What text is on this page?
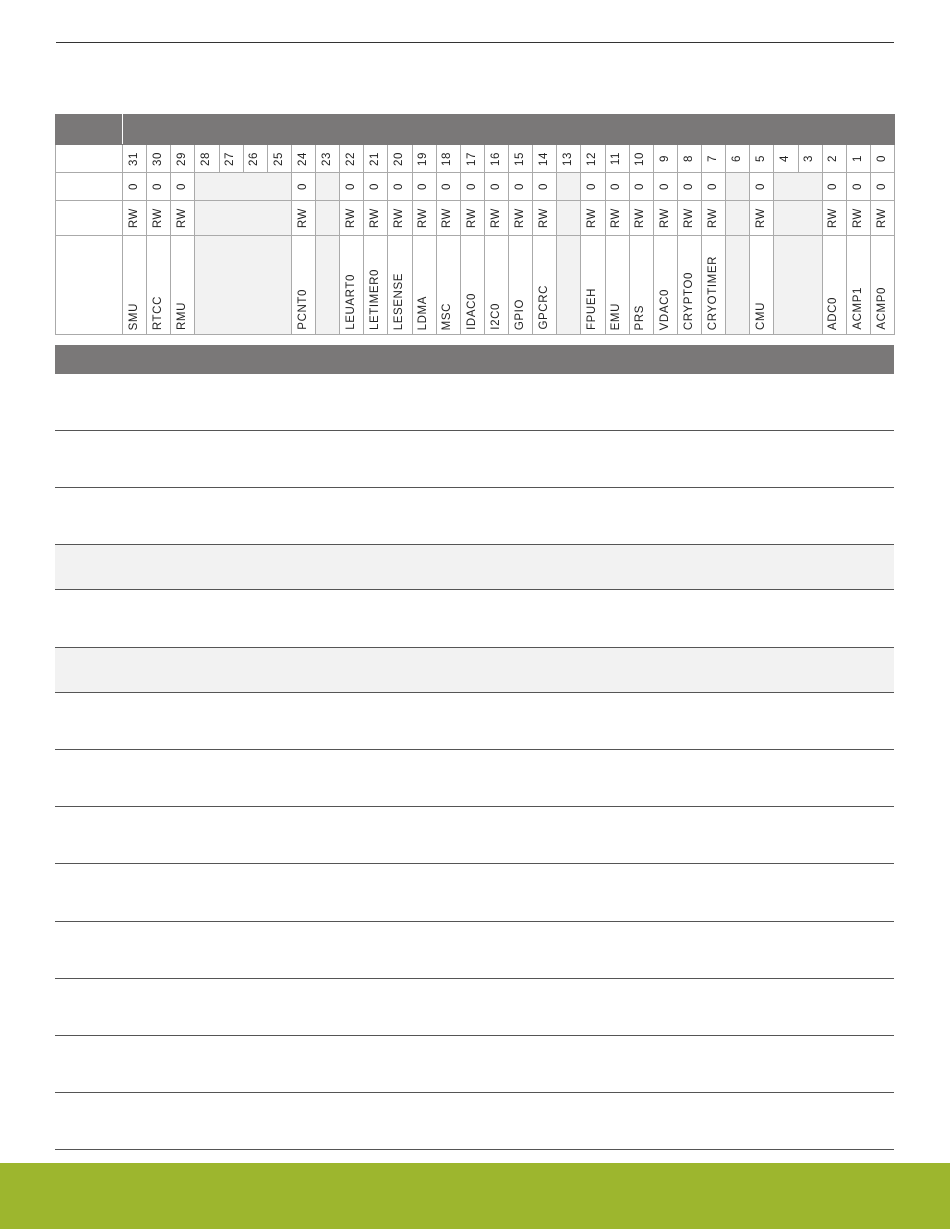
	31	30	29	28	27	26	25	24	23	22	21	20	19	18	17	16	15	14	13	12	11	10	9	8	7	6	5	4	3	2	1	0

	0	0	0					0		0	0	0	0	0	0	0	0	0		0	0	0	0	0	0		0			0	0	0

	RW	RW	RW					RW		RW	RW	RW	RW	RW	RW	RW	RW	RW		RW	RW	RW	RW	RW	RW		RW			RW	RW	RW

	SMU	RTCC	RMU					PCNT0		LEUART0	LETIMER0	LESENSE	LDMA	MSC	IDAC0	I2C0	GPIO	GPCRC		FPUEH	EMU	PRS	VDAC0	CRYPTO0	CRYOTIMER		CMU			ADC0	ACMP1	ACMP0
